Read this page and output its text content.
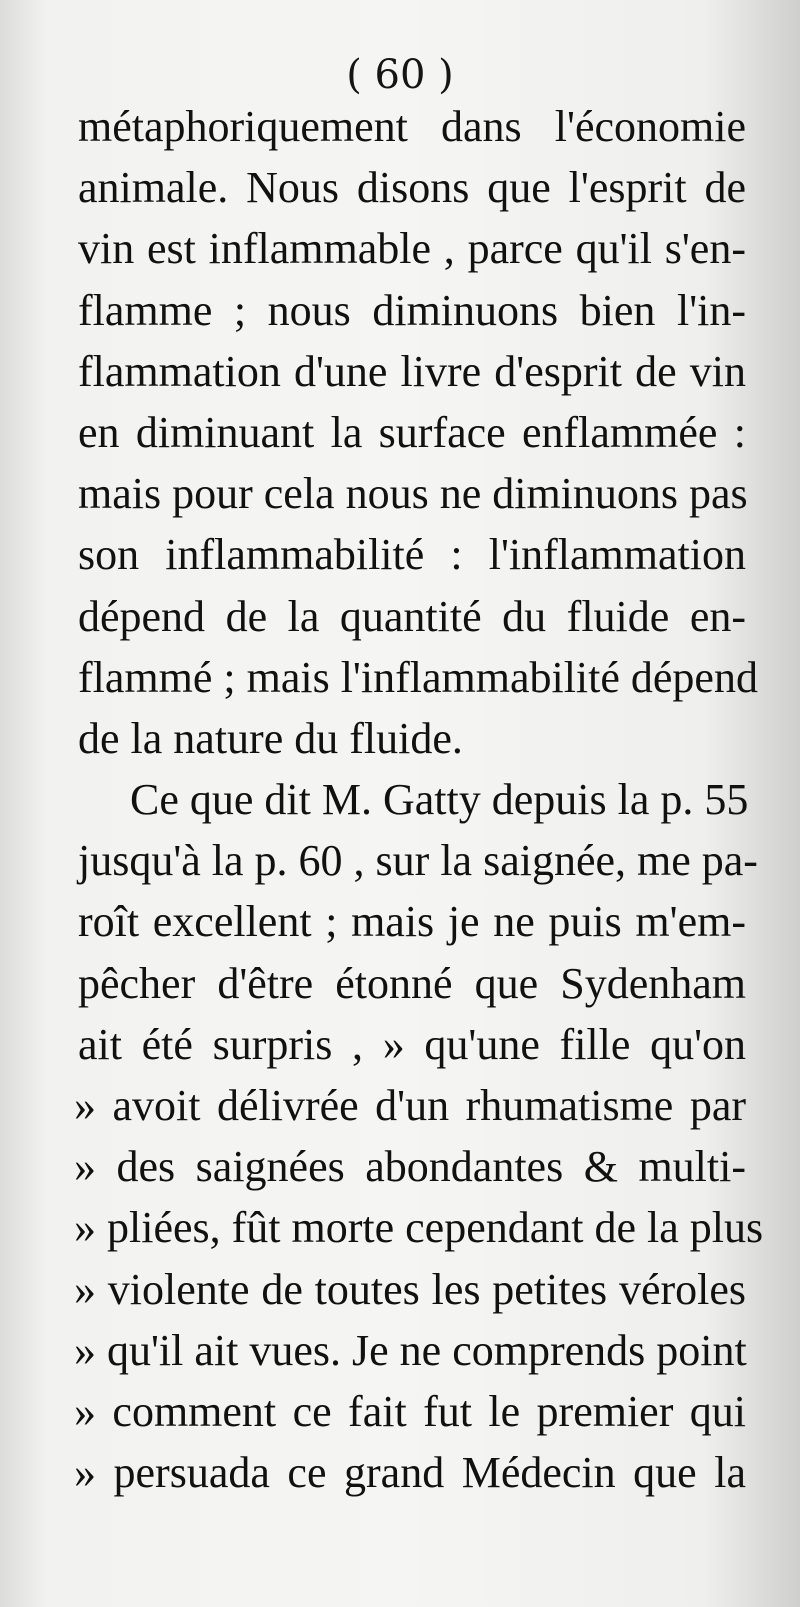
( 60 )
métaphoriquement dans l'économie
animale. Nous disons que l'esprit de
vin est inflammable , parce qu'il s'en-
flamme ; nous diminuons bien l'in-
flammation d'une livre d'esprit de vin
en diminuant la surface enflammée :
mais pour cela nous ne diminuons pas
son inflammabilité : l'inflammation
dépend de la quantité du fluide en-
flammé ; mais l'inflammabilité dépend
de la nature du fluide.
Ce que dit M. Gatty depuis la p. 55
jusqu'à la p. 60 , sur la saignée, me pa-
roît excellent ; mais je ne puis m'em-
pêcher d'être étonné que Sydenham
ait été surpris , » qu'une fille qu'on
» avoit délivrée d'un rhumatisme par
» des saignées abondantes & multi-
» pliées, fût morte cependant de la plus
» violente de toutes les petites véroles
» qu'il ait vues. Je ne comprends point
» comment ce fait fut le premier qui
» persuada ce grand Médecin que la
